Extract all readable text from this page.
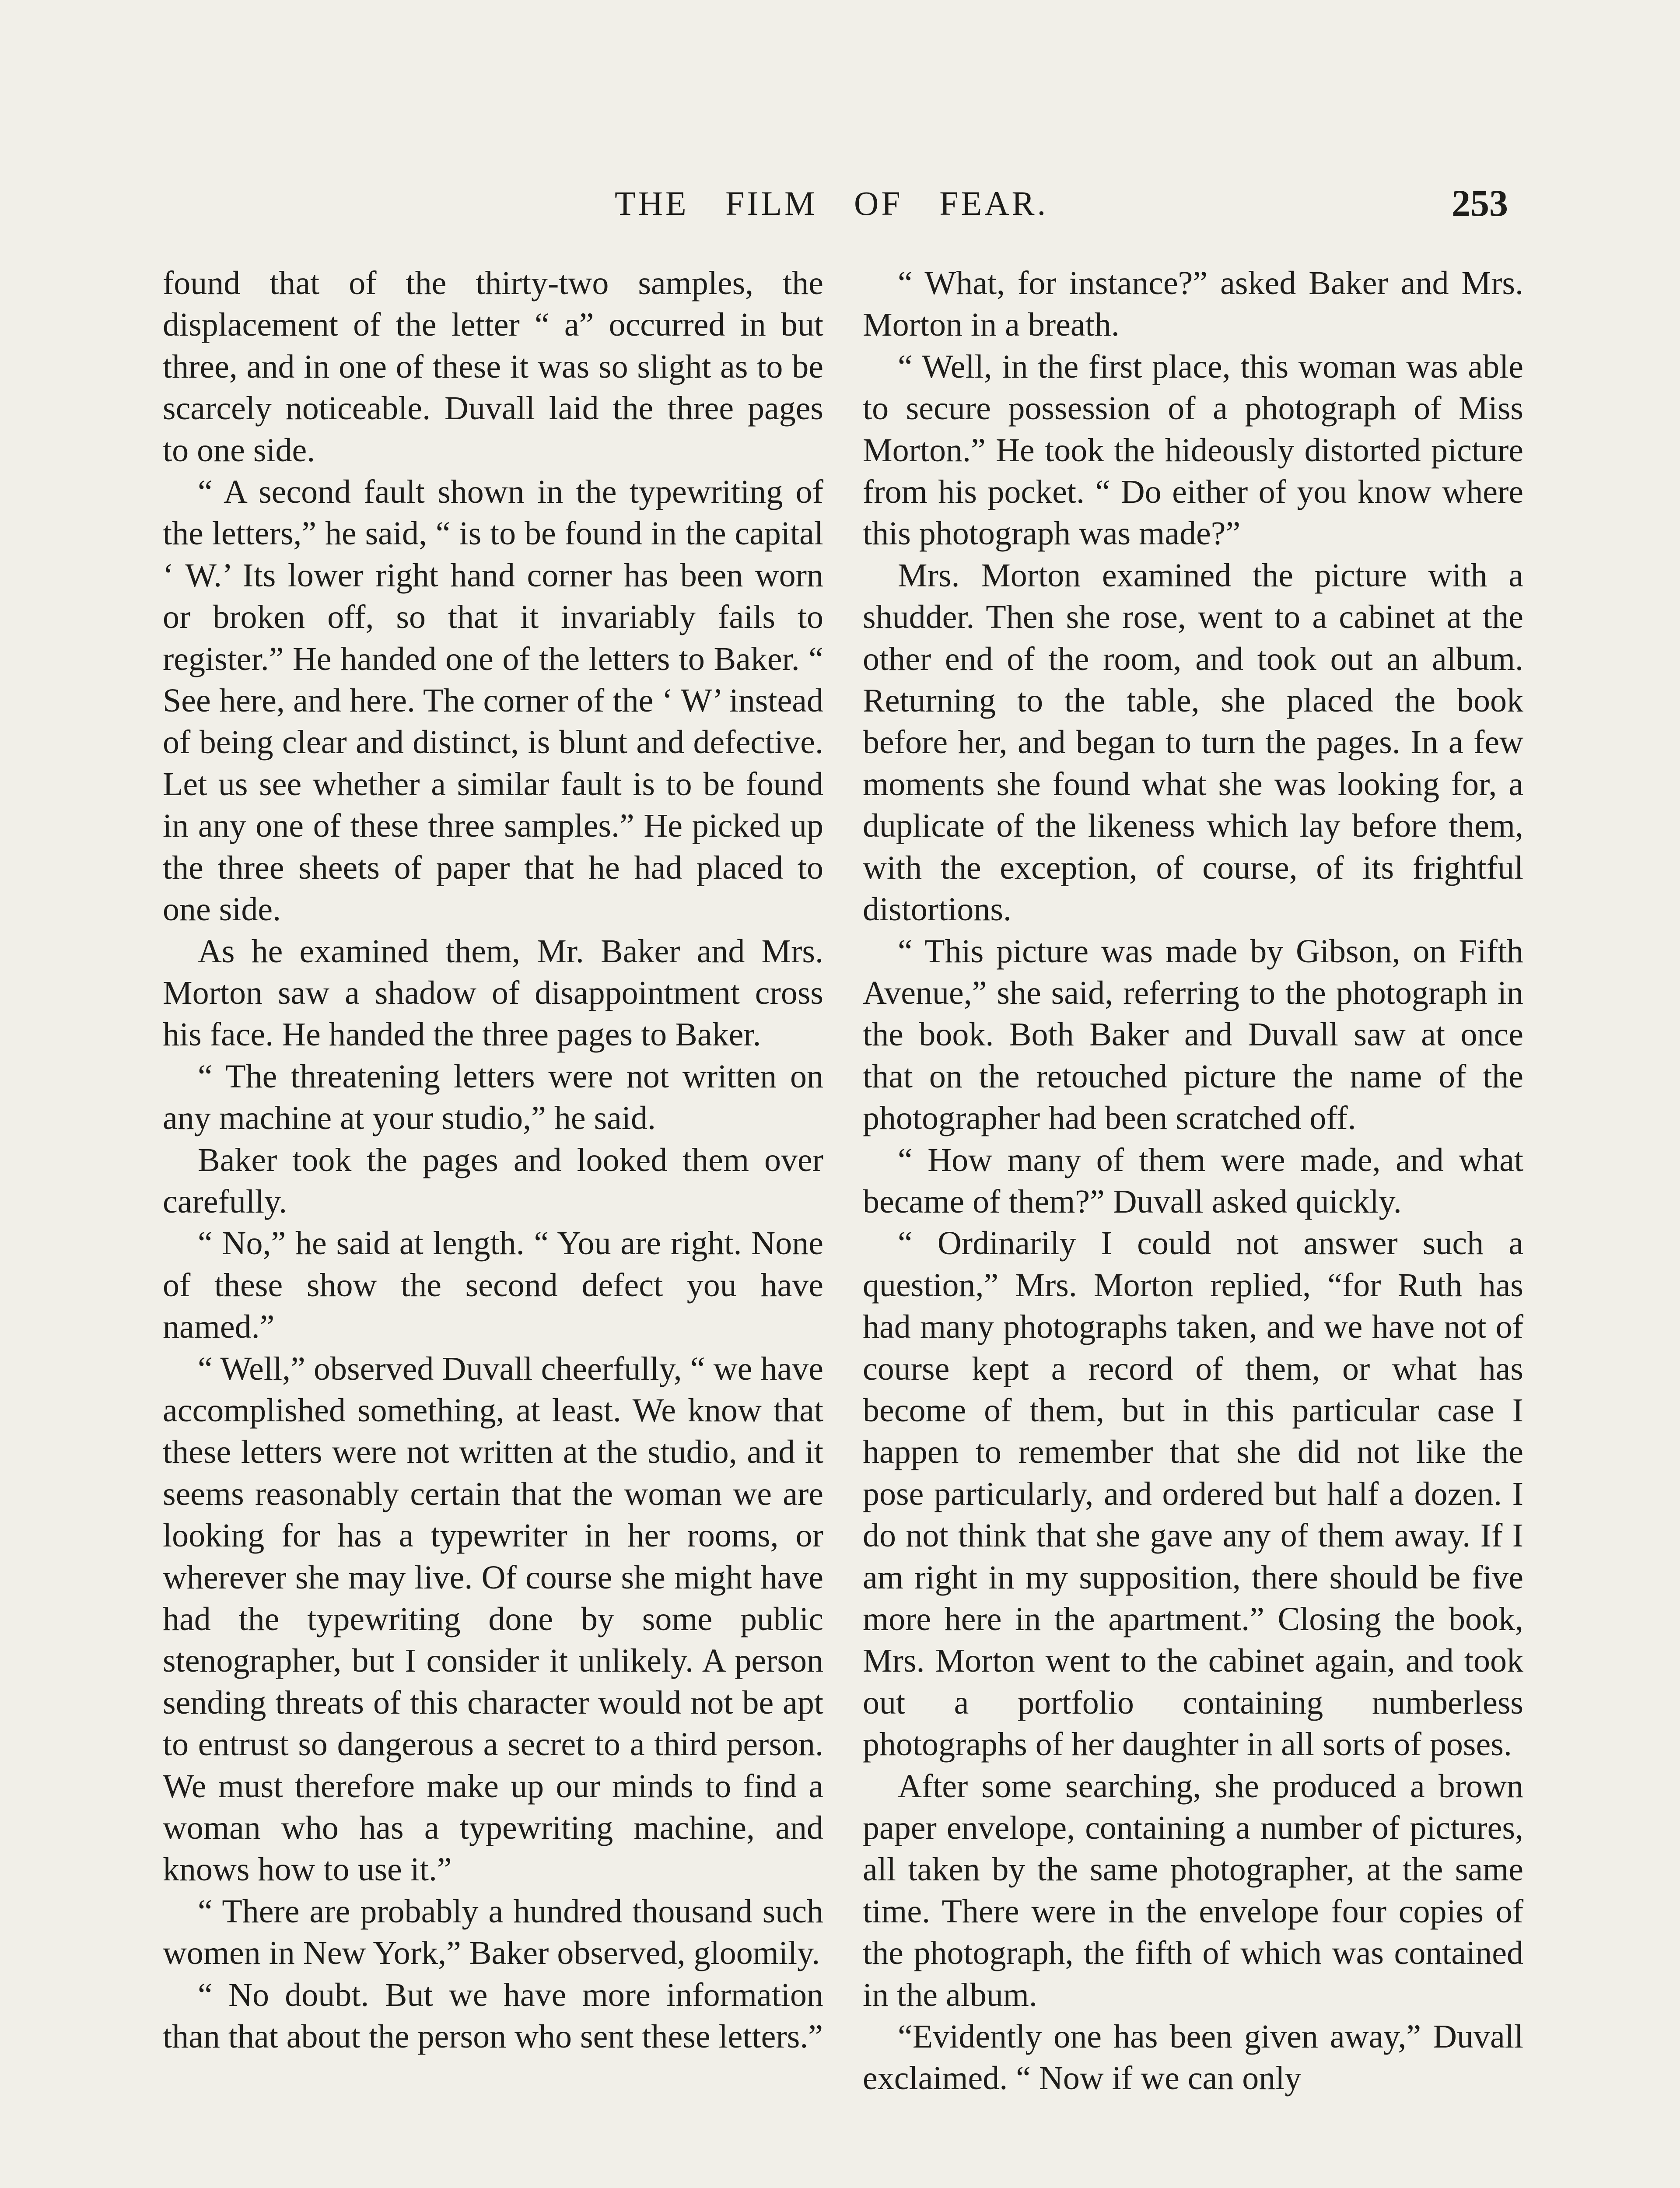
THE FILM OF FEAR.	253

found that of the thirty-two samples, the displacement of the letter “ a” occurred in but three, and in one of these it was so slight as to be scarcely noticeable. Duvall laid the three pages to one side.

“ A second fault shown in the typewriting of the letters,” he said, “ is to be found in the capital ‘ W.’ Its lower right hand corner has been worn or broken off, so that it invariably fails to register.” He handed one of the letters to Baker. “ See here, and here. The corner of the ‘ W’ instead of being clear and distinct, is blunt and defective. Let us see whether a similar fault is to be found in any one of these three samples.” He picked up the three sheets of paper that he had placed to one side.

As he examined them, Mr. Baker and Mrs. Morton saw a shadow of disappointment cross his face. He handed the three pages to Baker.

“ The threatening letters were not written on any machine at your studio,” he said.

Baker took the pages and looked them over carefully.

“ No,” he said at length. “ You are right. None of these show the second defect you have named.”

“ Well,” observed Duvall cheerfully, “ we have accomplished something, at least. We know that these letters were not written at the studio, and it seems reasonably certain that the woman we are looking for has a typewriter in her rooms, or wherever she may live. Of course she might have had the typewriting done by some public stenographer, but I consider it unlikely. A person sending threats of this character would not be apt to entrust so dangerous a secret to a third person. We must therefore make up our minds to find a woman who has a typewriting machine, and knows how to use it.”

“ There are probably a hundred thousand such women in New York,” Baker observed, gloomily.

“ No doubt. But we have more information than that about the person who sent these letters.”

“ What, for instance?” asked Baker and Mrs. Morton in a breath.

“ Well, in the first place, this woman was able to secure possession of a photograph of Miss Morton.” He took the hideously distorted picture from his pocket. “ Do either of you know where this photograph was made?”

Mrs. Morton examined the picture with a shudder. Then she rose, went to a cabinet at the other end of the room, and took out an album. Returning to the table, she placed the book before her, and began to turn the pages. In a few moments she found what she was looking for, a duplicate of the likeness which lay before them, with the exception, of course, of its frightful distortions.

“ This picture was made by Gibson, on Fifth Avenue,” she said, referring to the photograph in the book. Both Baker and Duvall saw at once that on the retouched picture the name of the photographer had been scratched off.

“ How many of them were made, and what became of them?” Duvall asked quickly.

“ Ordinarily I could not answer such a question,” Mrs. Morton replied, “for Ruth has had many photographs taken, and we have not of course kept a record of them, or what has become of them, but in this particular case I happen to remember that she did not like the pose particularly, and ordered but half a dozen. I do not think that she gave any of them away. If I am right in my supposition, there should be five more here in the apartment.” Closing the book, Mrs. Morton went to the cabinet again, and took out a portfolio containing numberless photographs of her daughter in all sorts of poses.

After some searching, she produced a brown paper envelope, containing a number of pictures, all taken by the same photographer, at the same time. There were in the envelope four copies of the photograph, the fifth of which was contained in the album.

“Evidently one has been given away,” Duvall exclaimed. “ Now if we can only
